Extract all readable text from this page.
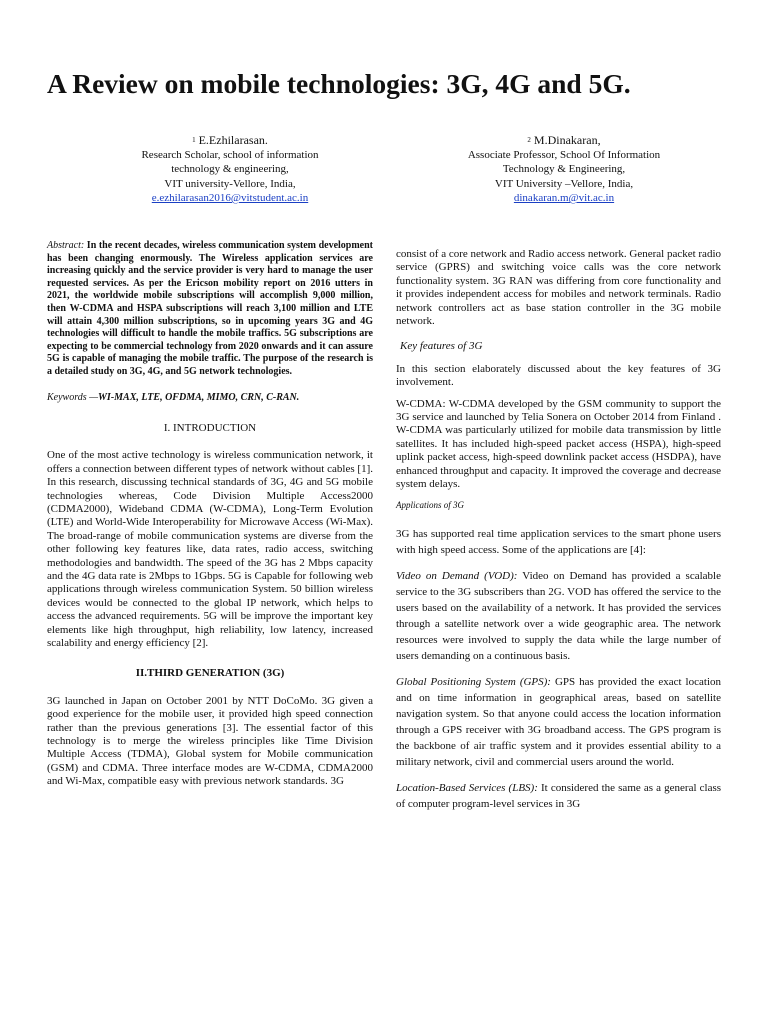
A Review on mobile technologies: 3G, 4G and 5G.
$^1$ E.Ezhilarasan.
Research Scholar, school of information
technology & engineering,
VIT university-Vellore, India,
e.ezhilarasan2016@vitstudent.ac.in
$^2$ M.Dinakaran,
Associate Professor, School Of Information
Technology & Engineering,
VIT University –Vellore, India,
dinakaran.m@vit.ac.in

Abstract: In the recent decades, wireless communication system development has been changing enormously. The Wireless application services are increasing quickly and the service provider is very hard to manage the user requested services. As per the Ericson mobility report on 2016 utters in 2021, the worldwide mobile subscriptions will accomplish 9,000 million, then W-CDMA and HSPA subscriptions will reach 3,100 million and LTE will attain 4,300 million subscriptions, so in upcoming years 3G and 4G technologies will difficult to handle the mobile traffics. 5G subscriptions are expecting to be commercial technology from 2020 onwards and it can assure 5G is capable of managing the mobile traffic. The purpose of the research is a detailed study on 3G, 4G, and 5G network technologies.

Keywords —WI-MAX, LTE, OFDMA, MIMO, CRN, C-RAN.

I. INTRODUCTION

One of the most active technology is wireless communication network, it offers a connection between different types of network without cables [1]. In this research, discussing technical standards of 3G, 4G and 5G mobile technologies whereas, Code Division Multiple Access2000 (CDMA2000), Wideband CDMA (W-CDMA), Long-Term Evolution (LTE) and World-Wide Interoperability for Microwave Access (Wi-Max). The broad-range of mobile communication systems are diverse from the other following key features like, data rates, radio access, switching methodologies and bandwidth. The speed of the 3G has 2 Mbps capacity and the 4G data rate is 2Mbps to 1Gbps. 5G is Capable for following web applications through wireless communication System. 50 billion wireless devices would be connected to the global IP network, which helps to access the advanced requirements. 5G will be improve the important key elements like high throughput, high reliability, low latency, increased scalability and energy efficiency [2].

II.THIRD GENERATION (3G)

3G launched in Japan on October 2001 by NTT DoCoMo. 3G given a good experience for the mobile user, it provided high speed connection rather than the previous generations [3]. The essential factor of this technology is to merge the wireless principles like Time Division Multiple Access (TDMA), Global system for Mobile communication (GSM) and CDMA. Three interface modes are W-CDMA, CDMA2000 and Wi-Max, compatible easy with previous network standards. 3G

consist of a core network and Radio access network. General packet radio service (GPRS) and switching voice calls was the core network functionality system. 3G RAN was differing from core functionality and it provides independent access for mobiles and network terminals. Radio network controllers act as base station controller in the 3G mobile network.

Key features of 3G

In this section elaborately discussed about the key features of 3G involvement.

W-CDMA: W-CDMA developed by the GSM community to support the 3G service and launched by Telia Sonera on October 2014 from Finland . W-CDMA was particularly utilized for mobile data transmission by little satellites. It has included high-speed packet access (HSPA), high-speed uplink packet access, high-speed downlink packet access (HSDPA), have enhanced throughput and capacity. It improved the coverage and decrease system delays.

Applications of 3G

3G has supported real time application services to the smart phone users with high speed access. Some of the applications are [4]:

Video on Demand (VOD): Video on Demand has provided a scalable service to the 3G subscribers than 2G. VOD has offered the service to the users based on the availability of a network. It has provided the services through a satellite network over a wide geographic area. The network resources were involved to supply the data while the large number of users demanding on a continuous basis.

Global Positioning System (GPS): GPS has provided the exact location and on time information in geographical areas, based on satellite navigation system. So that anyone could access the location information through a GPS receiver with 3G broadband access. The GPS program is the backbone of air traffic system and it provides essential ability to a military network, civil and commercial users around the world.

Location-Based Services (LBS): It considered the same as a general class of computer program-level services in 3G
